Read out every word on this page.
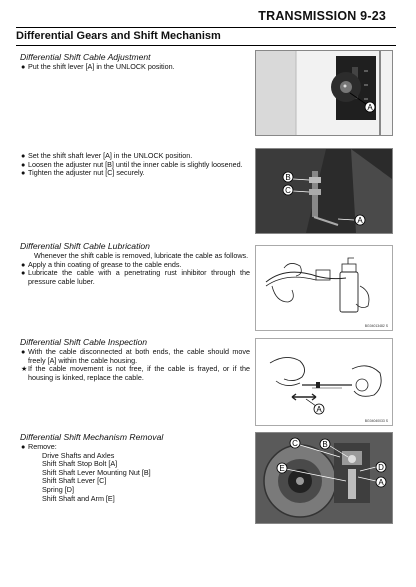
TRANSMISSION 9-23
Differential Gears and Shift Mechanism
Differential Shift Cable Adjustment
● Put the shift lever [A] in the UNLOCK position.
● Set the shift shaft lever [A] in the UNLOCK position.
● Loosen the adjuster nut [B] until the inner cable is slightly loosened.
● Tighten the adjuster nut [C] securely.
Differential Shift Cable Lubrication
Whenever the shift cable is removed, lubricate the cable as follows.
● Apply a thin coating of grease to the cable ends.
● Lubricate the cable with a penetrating rust inhibitor through the pressure cable luber.
Differential Shift Cable Inspection
● With the cable disconnected at both ends, the cable should move freely [A] within the cable housing.
★ If the cable movement is not free, if the cable is frayed, or if the housing is kinked, replace the cable.
Differential Shift Mechanism Removal
● Remove:
Drive Shafts and Axles
Shift Shaft Stop Bolt [A]
Shift Shaft Lever Mounting Nut [B]
Shift Shaft Lever [C]
Spring [D]
Shift Shaft and Arm [E]
A
B
C
A
BG04013482 S
A
BG04040033 S
C	B
E	D
A
